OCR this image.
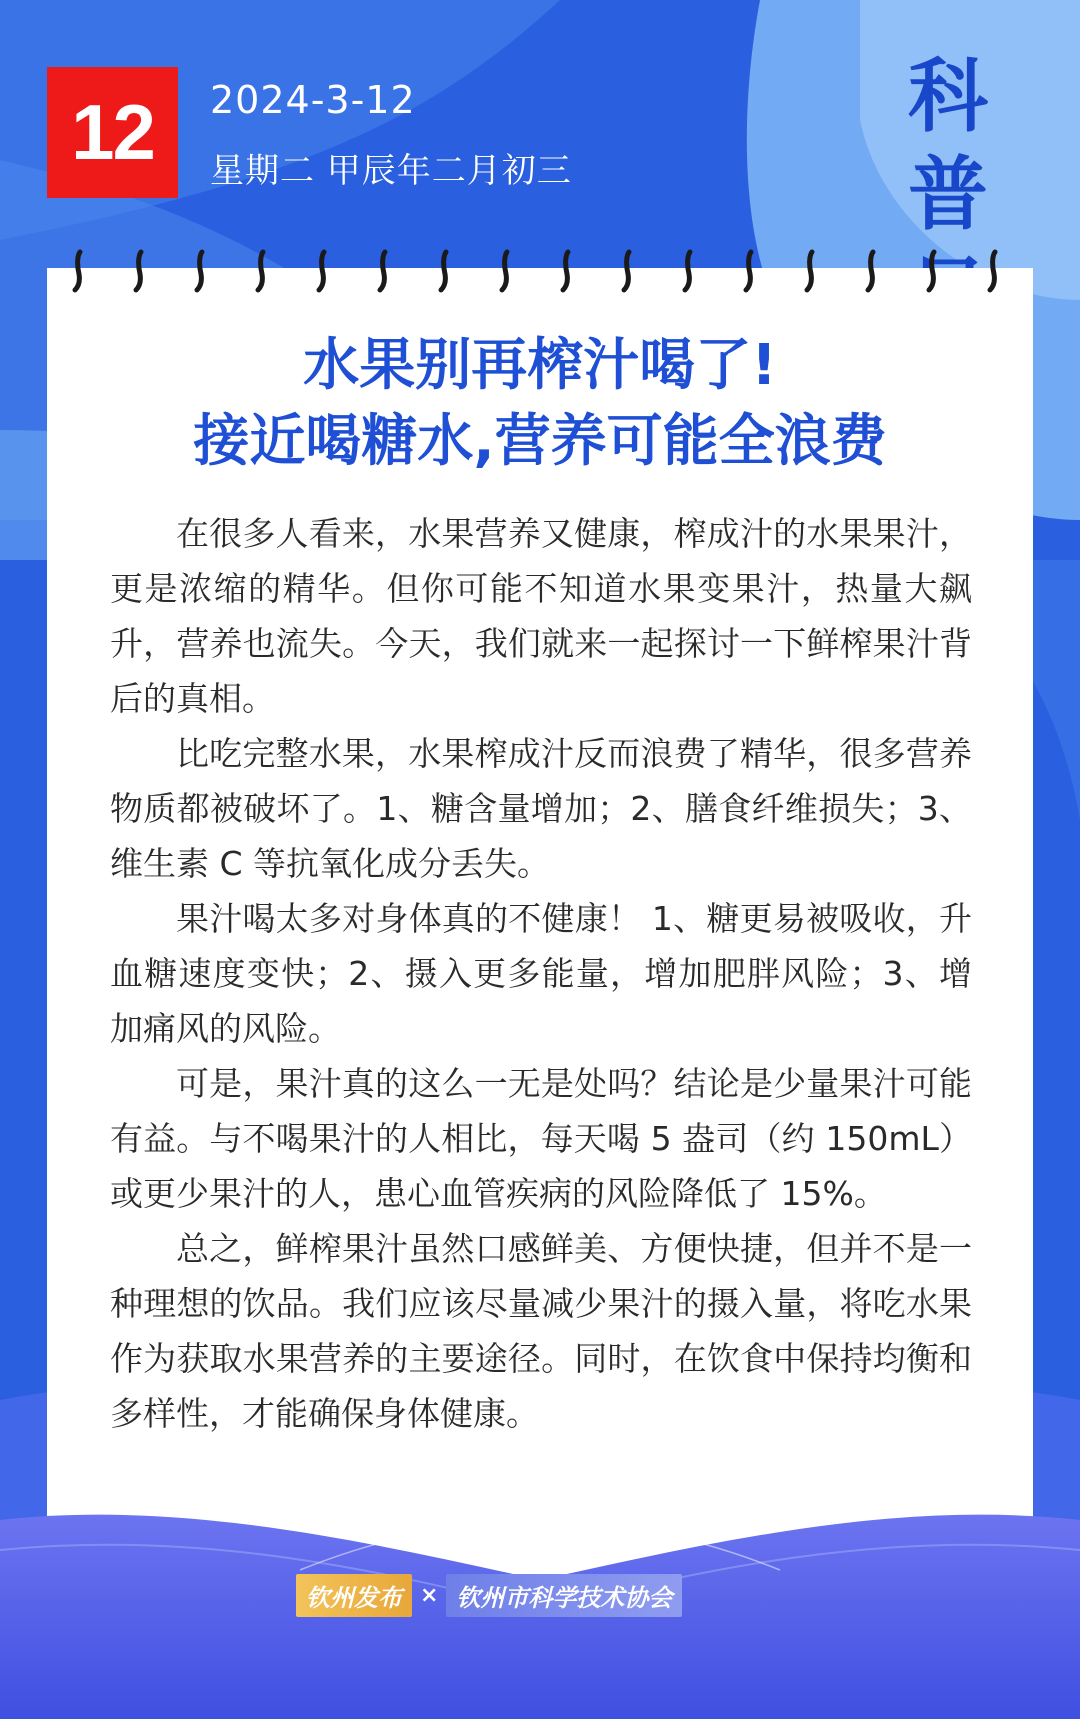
12	2024-3-12
星期二 甲辰年二月初三
科普
水果别再榨汁喝了!
接近喝糖水,营养可能全浪费

在很多人看来，水果营养又健康，榨成汁的水果果汁，更是浓缩的精华。但你可能不知道水果变果汁，热量大飙升，营养也流失。今天，我们就来一起探讨一下鲜榨果汁背后的真相。

比吃完整水果，水果榨成汁反而浪费了精华，很多营养物质都被破坏了。1、糖含量增加；2、膳食纤维损失；3、维生素 C 等抗氧化成分丢失。

果汁喝太多对身体真的不健康！ 1、糖更易被吸收，升血糖速度变快；2、摄入更多能量，增加肥胖风险；3、增加痛风的风险。

可是，果汁真的这么一无是处吗？结论是少量果汁可能有益。与不喝果汁的人相比，每天喝 5 盎司（约 150mL）或更少果汁的人，患心血管疾病的风险降低了 15%。

总之，鲜榨果汁虽然口感鲜美、方便快捷，但并不是一种理想的饮品。我们应该尽量减少果汁的摄入量，将吃水果作为获取水果营养的主要途径。同时，在饮食中保持均衡和多样性，才能确保身体健康。

钦州发布 × 钦州市科学技术协会
